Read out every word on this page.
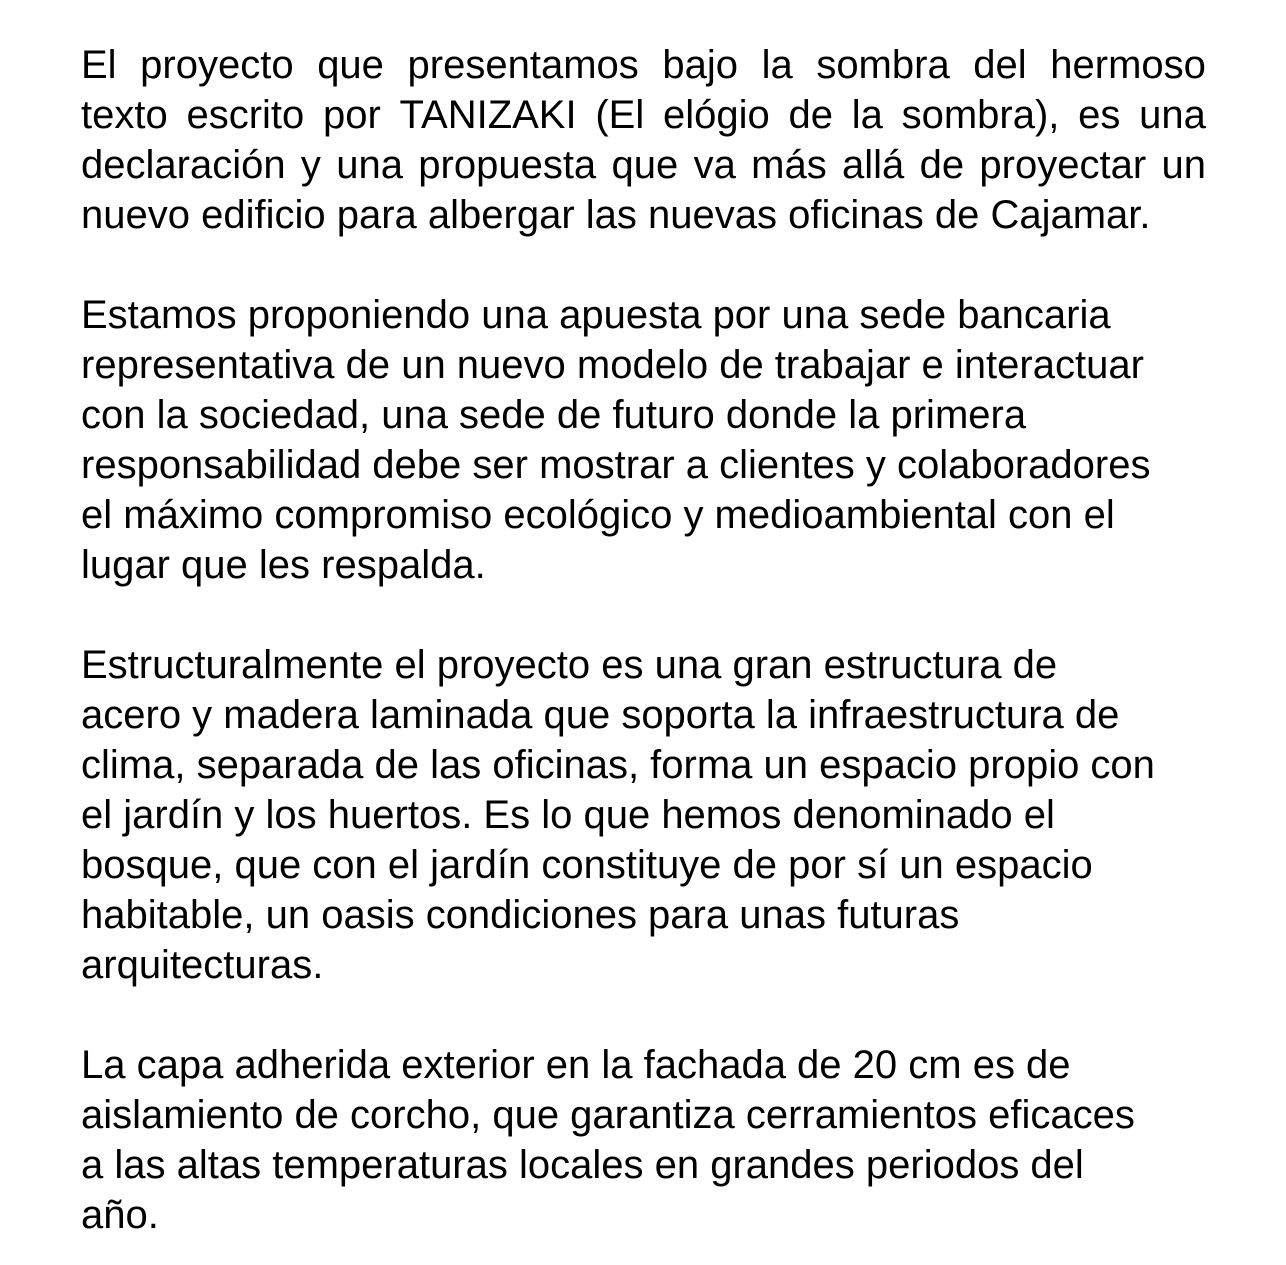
El proyecto que presentamos bajo la sombra del hermoso
texto escrito por TANIZAKI (El elógio de la sombra), es una
declaración y una propuesta que va más allá de proyectar un
nuevo edificio para albergar las nuevas oficinas de Cajamar.

Estamos proponiendo una apuesta por una sede bancaria
representativa de un nuevo modelo de trabajar e interactuar
con la sociedad, una sede de futuro donde la primera
responsabilidad debe ser mostrar a clientes y colaboradores
el máximo compromiso ecológico y medioambiental con el
lugar que les respalda.

Estructuralmente el proyecto es una gran estructura de
acero y madera laminada que soporta la infraestructura de
clima, separada de las oficinas, forma un espacio propio con
el jardín y los huertos. Es lo que hemos denominado el
bosque, que con el jardín constituye de por sí un espacio
habitable, un oasis condiciones para unas futuras
arquitecturas.

La capa adherida exterior en la fachada de 20 cm es de
aislamiento de corcho, que garantiza cerramientos eficaces
a las altas temperaturas locales en grandes periodos del
año.
